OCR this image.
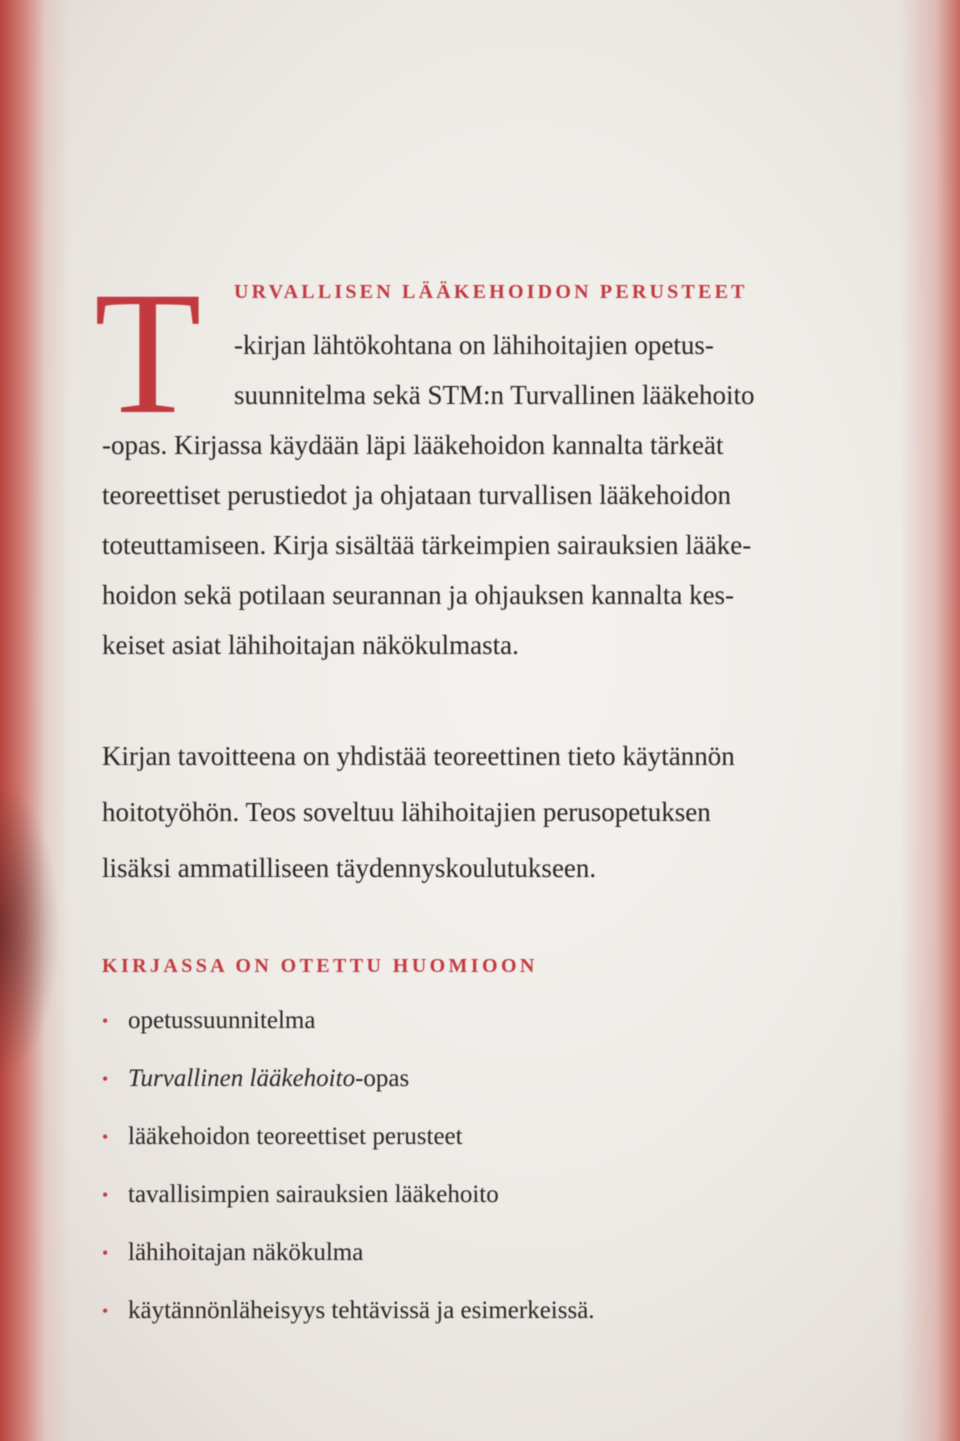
T URVALLISEN LÄÄKEHOIDON PERUSTEET
-kirjan lähtökohtana on lähihoitajien opetus-
suunnitelma sekä STM:n Turvallinen lääkehoito
-opas. Kirjassa käydään läpi lääkehoidon kannalta tärkeät
teoreettiset perustiedot ja ohjataan turvallisen lääkehoidon
toteuttamiseen. Kirja sisältää tärkeimpien sairauksien lääke-
hoidon sekä potilaan seurannan ja ohjauksen kannalta kes-
keiset asiat lähihoitajan näkökulmasta.
Kirjan tavoitteena on yhdistää teoreettinen tieto käytännön
hoitotyöhön. Teos soveltuu lähihoitajien perusopetuksen
lisäksi ammatilliseen täydennyskoulutukseen.
KIRJASSA ON OTETTU HUOMIOON
• opetussuunnitelma
• Turvallinen lääkehoito -opas
• lääkehoidon teoreettiset perusteet
• tavallisimpien sairauksien lääkehoito
• lähihoitajan näkökulma
• käytännönläheisyys tehtävissä ja esimerkeissä.
